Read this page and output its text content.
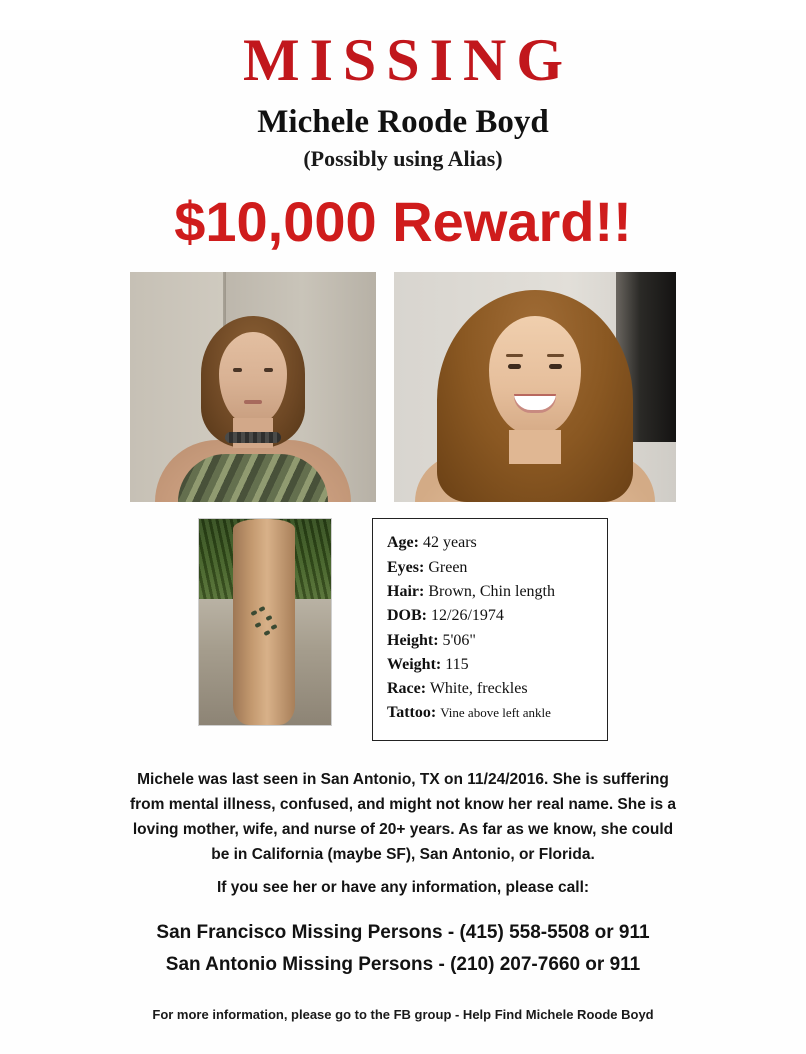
MISSING
Michele Roode Boyd
(Possibly using Alias)
$10,000 Reward!!
Age: 42 years
Eyes: Green
Hair: Brown, Chin length
DOB: 12/26/1974
Height: 5'06"
Weight: 115
Race: White, freckles
Tattoo: Vine above left ankle
Michele was last seen in San Antonio, TX on 11/24/2016. She is suffering
from mental illness, confused, and might not know her real name. She is a
loving mother, wife, and nurse of 20+ years. As far as we know, she could
be in California (maybe SF), San Antonio, or Florida.
If you see her or have any information, please call:
San Francisco Missing Persons - (415) 558-5508 or 911
San Antonio Missing Persons - (210) 207-7660 or 911
For more information, please go to the FB group - Help Find Michele Roode Boyd
